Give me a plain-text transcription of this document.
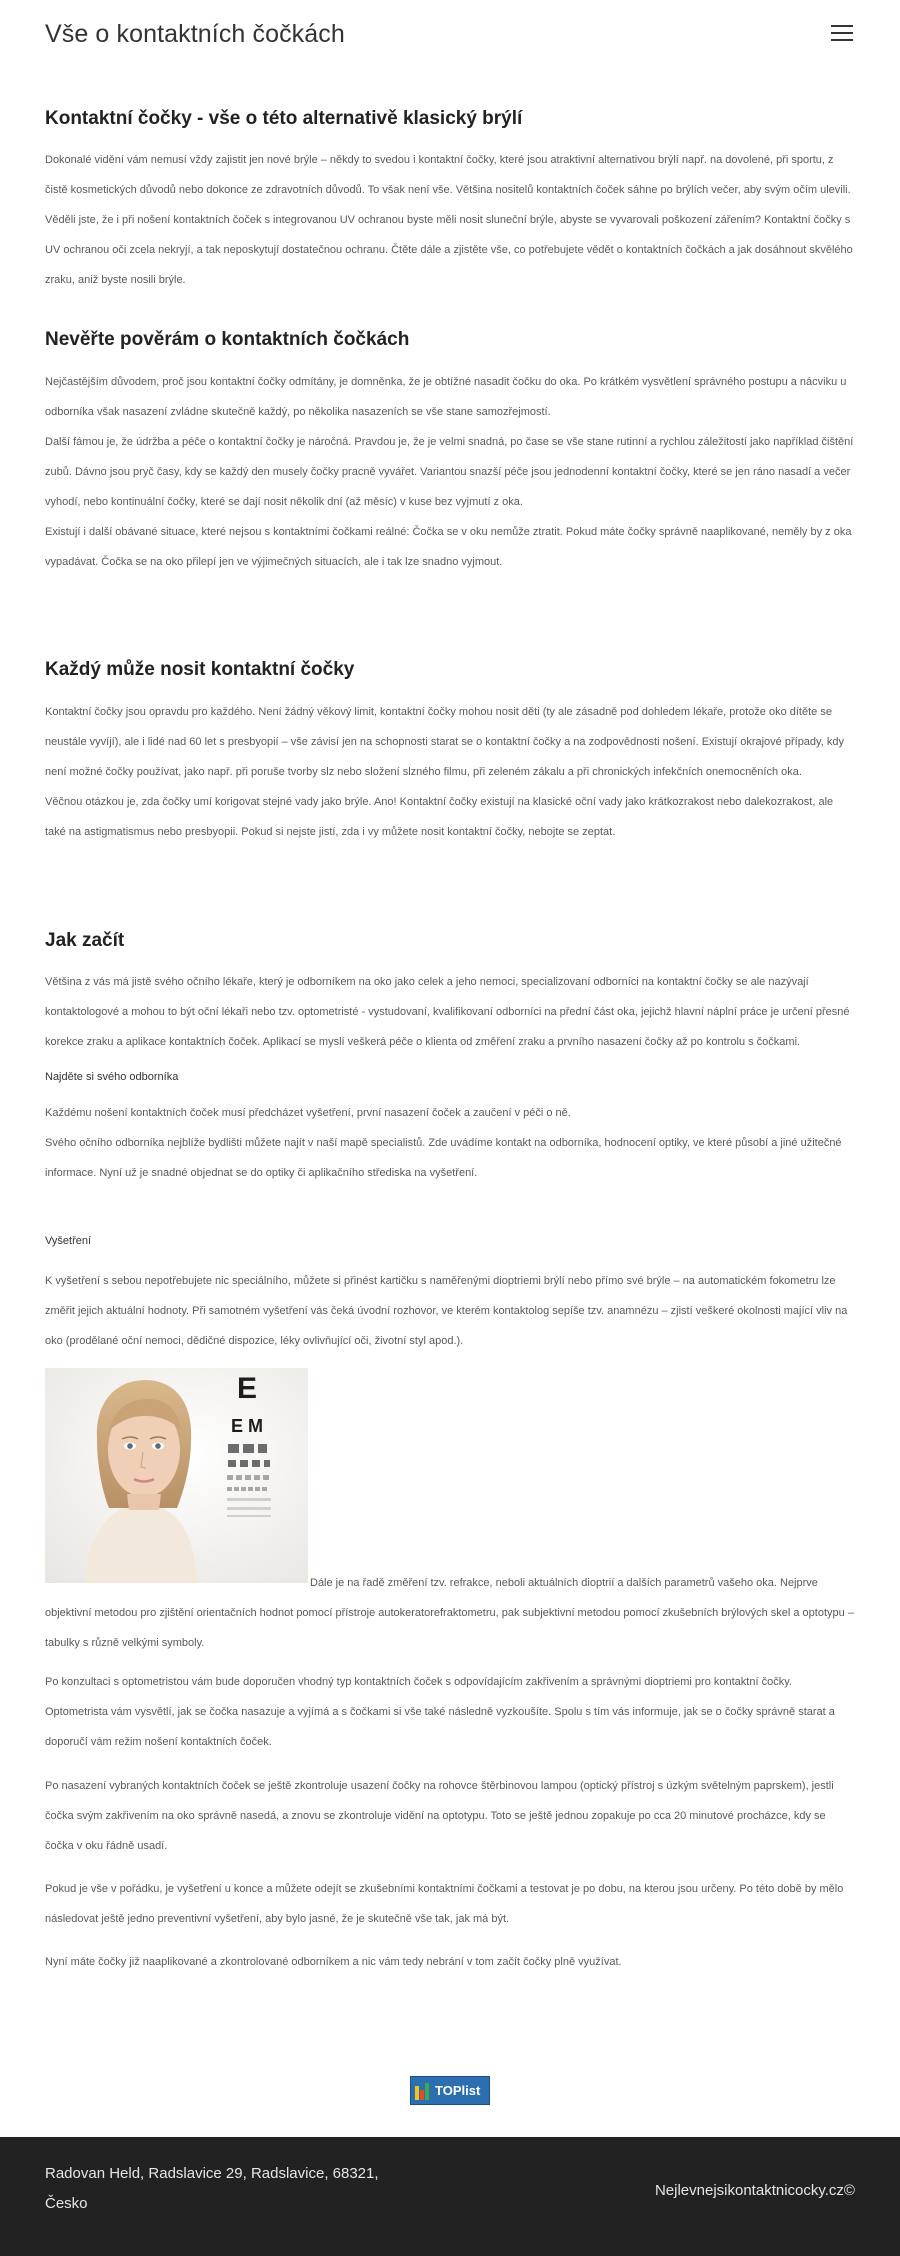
Vše o kontaktních čočkách
Kontaktní čočky - vše o této alternativě klasický brýlí
Dokonalé vidění vám nemusí vždy zajistit jen nové brýle – někdy to svedou i kontaktní čočky, které jsou atraktivní alternativou brýlí např. na dovolené, při sportu, z čistě kosmetických důvodů nebo dokonce ze zdravotních důvodů. To však není vše. Většina nositelů kontaktních čoček sáhne po brýlích večer, aby svým očím ulevili. Věděli jste, že i při nošení kontaktních čoček s integrovanou UV ochranou byste měli nosit sluneční brýle, abyste se vyvarovali poškození zářením? Kontaktní čočky s UV ochranou oči zcela nekryjí, a tak neposkytují dostatečnou ochranu. Čtěte dále a zjistěte vše, co potřebujete vědět o kontaktních čočkách a jak dosáhnout skvělého zraku, aniž byste nosili brýle.
Nevěřte pověrám o kontaktních čočkách
Nejčastějším důvodem, proč jsou kontaktní čočky odmítány, je domněnka, že je obtížné nasadit čočku do oka. Po krátkém vysvětlení správného postupu a nácviku u odborníka však nasazení zvládne skutečně každý, po několika nasazeních se vše stane samozřejmostí.
Další fámou je, že údržba a péče o kontaktní čočky je náročná. Pravdou je, že je velmi snadná, po čase se vše stane rutinní a rychlou záležitostí jako například čištění zubů. Dávno jsou pryč časy, kdy se každý den musely čočky pracně vyvářet. Variantou snazší péče jsou jednodenní kontaktní čočky, které se jen ráno nasadí a večer vyhodí, nebo kontinuální čočky, které se dají nosit několik dní (až měsíc) v kuse bez vyjmutí z oka.
Existují i další obávané situace, které nejsou s kontaktními čočkami reálné: Čočka se v oku nemůže ztratit. Pokud máte čočky správně naaplikované, neměly by z oka vypadávat. Čočka se na oko přilepí jen ve výjimečných situacích, ale i tak lze snadno vyjmout.
Každý může nosit kontaktní čočky
Kontaktní čočky jsou opravdu pro každého. Není žádný věkový limit, kontaktní čočky mohou nosit děti (ty ale zásadně pod dohledem lékaře, protože oko dítěte se neustále vyvíjí), ale i lidé nad 60 let s presbyopií – vše závisí jen na schopnosti starat se o kontaktní čočky a na zodpovědnosti nošení. Existují okrajové případy, kdy není možné čočky používat, jako např. při poruše tvorby slz nebo složení slzného filmu, při zeleném zákalu a při chronických infekčních onemocněních oka.
Věčnou otázkou je, zda čočky umí korigovat stejné vady jako brýle. Ano! Kontaktní čočky existují na klasické oční vady jako krátkozrakost nebo dalekozrakost, ale také na astigmatismus nebo presbyopii. Pokud si nejste jistí, zda i vy můžete nosit kontaktní čočky, nebojte se zeptat.
Jak začít
Většina z vás má jistě svého očního lékaře, který je odborníkem na oko jako celek a jeho nemoci, specializovaní odborníci na kontaktní čočky se ale nazývají kontaktologové a mohou to být oční lékaři nebo tzv. optometristé - vystudovaní, kvalifikovaní odborníci na přední část oka, jejichž hlavní náplní práce je určení přesné korekce zraku a aplikace kontaktních čoček. Aplikací se myslí veškerá péče o klienta od změření zraku a prvního nasazení čočky až po kontrolu s čočkami.
Najděte si svého odborníka
Každému nošení kontaktních čoček musí předcházet vyšetření, první nasazení čoček a zaučení v péči o ně.
Svého očního odborníka nejblíže bydlišti můžete najít v naší mapě specialistů. Zde uvádíme kontakt na odborníka, hodnocení optiky, ve které působí a jiné užitečné informace. Nyní už je snadné objednat se do optiky či aplikačního střediska na vyšetření.
Vyšetření
K vyšetření s sebou nepotřebujete nic speciálního, můžete si přinést kartičku s naměřenými dioptriemi brýlí nebo přímo své brýle – na automatickém fokometru lze změřit jejich aktuální hodnoty. Při samotném vyšetření vás čeká úvodní rozhovor, ve kterém kontaktolog sepíše tzv. anamnézu – zjistí veškeré okolnosti mající vliv na oko (prodělané oční nemoci, dědičné dispozice, léky ovlivňující oči, životní styl apod.).
E
E M
Dále je na řadě změření tzv. refrakce, neboli aktuálních dioptrií a dalších parametrů vašeho oka. Nejprve
objektivní metodou pro zjištění orientačních hodnot pomocí přístroje autokeratorefraktometru, pak subjektivní metodou pomocí zkušebních brýlových skel a optotypu – tabulky s různě velkými symboly.
Po konzultaci s optometristou vám bude doporučen vhodný typ kontaktních čoček s odpovídajícím zakřivením a správnými dioptriemi pro kontaktní čočky. Optometrista vám vysvětlí, jak se čočka nasazuje a vyjímá a s čočkami si vše také následně vyzkoušíte. Spolu s tím vás informuje, jak se o čočky správně starat a doporučí vám režim nošení kontaktních čoček.
Po nasazení vybraných kontaktních čoček se ještě zkontroluje usazení čočky na rohovce štěrbinovou lampou (optický přístroj s úzkým světelným paprskem), jestli čočka svým zakřivením na oko správně nasedá, a znovu se zkontroluje vidění na optotypu. Toto se ještě jednou zopakuje po cca 20 minutové procházce, kdy se čočka v oku řádně usadí.
Pokud je vše v pořádku, je vyšetření u konce a můžete odejít se zkušebními kontaktními čočkami a testovat je po dobu, na kterou jsou určeny. Po této době by mělo následovat ještě jedno preventivní vyšetření, aby bylo jasné, že je skutečně vše tak, jak má být.
Nyní máte čočky již naaplikované a zkontrolované odborníkem a nic vám tedy nebrání v tom začít čočky plně využívat.
TOPlist
Radovan Held, Radslavice 29, Radslavice, 68321, Česko
Nejlevnejsikontaktnicocky.cz©
